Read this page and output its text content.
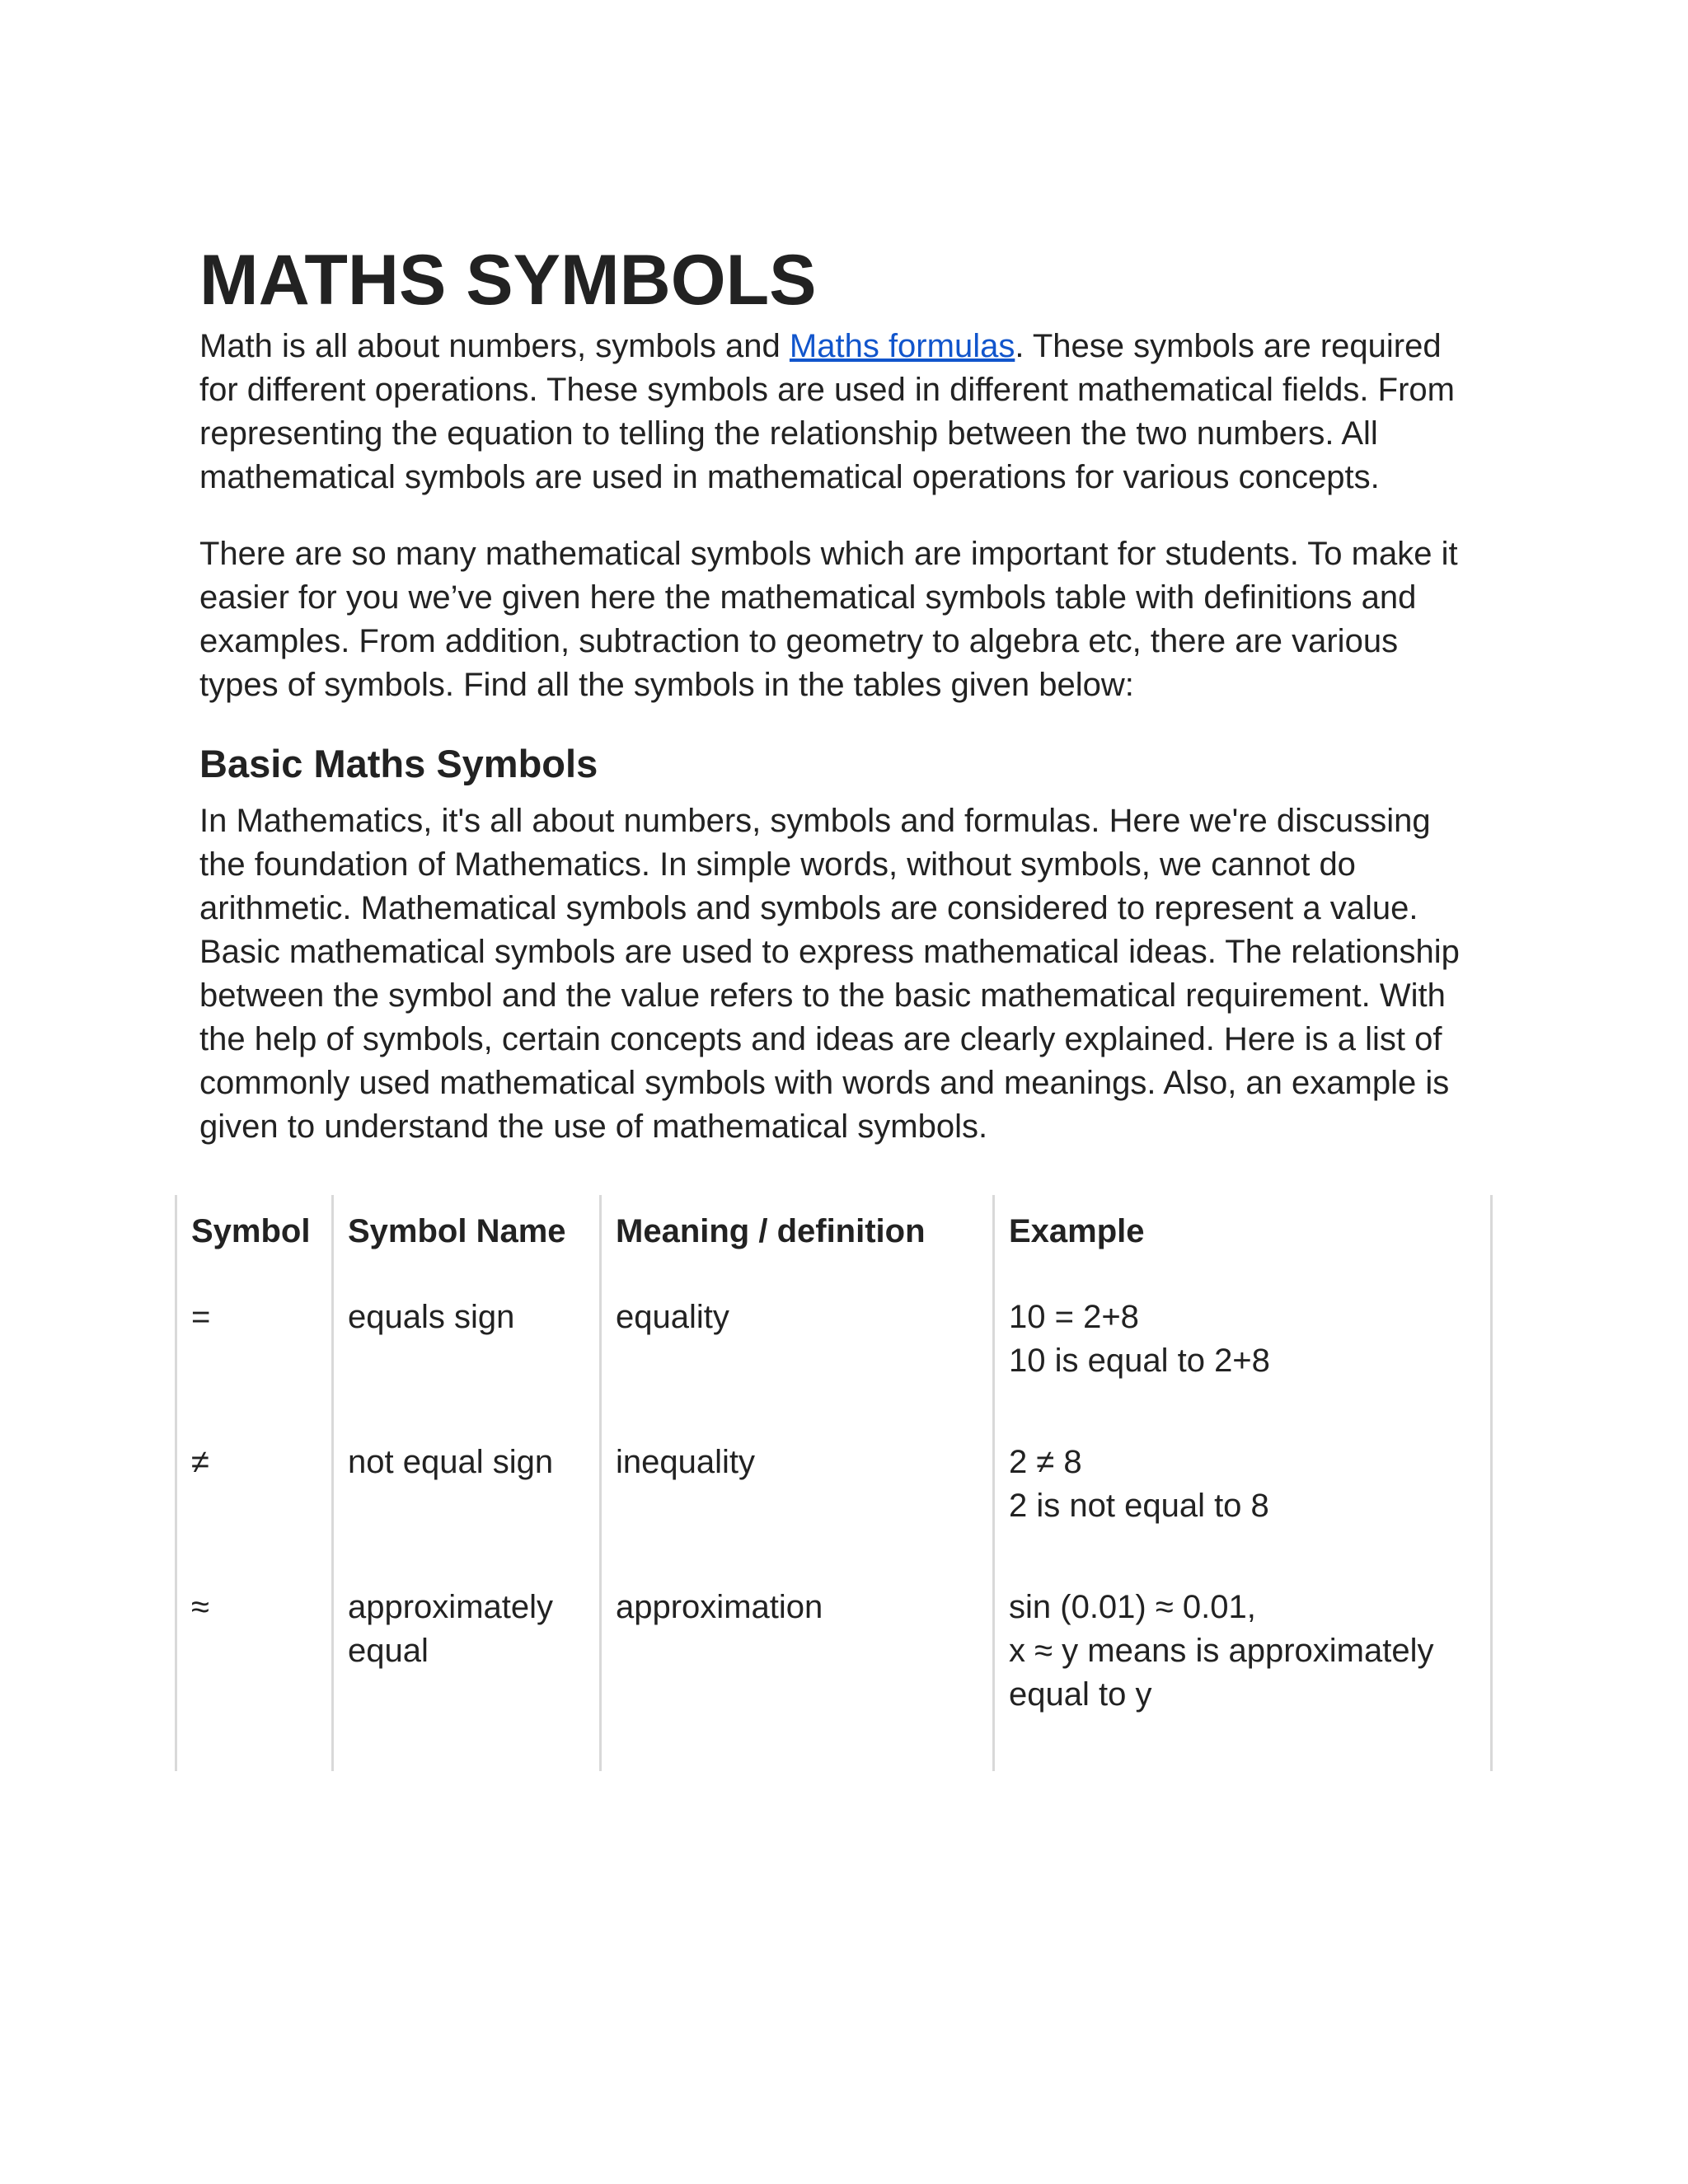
MATHS SYMBOLS

Math is all about numbers, symbols and Maths formulas. These symbols are required for different operations. These symbols are used in different mathematical fields. From representing the equation to telling the relationship between the two numbers. All mathematical symbols are used in mathematical operations for various concepts.

There are so many mathematical symbols which are important for students. To make it easier for you we’ve given here the mathematical symbols table with definitions and examples. From addition, subtraction to geometry to algebra etc, there are various types of symbols. Find all the symbols in the tables given below:

Basic Maths Symbols

In Mathematics, it's all about numbers, symbols and formulas. Here we're discussing the foundation of Mathematics. In simple words, without symbols, we cannot do arithmetic. Mathematical symbols and symbols are considered to represent a value. Basic mathematical symbols are used to express mathematical ideas. The relationship between the symbol and the value refers to the basic mathematical requirement. With the help of symbols, certain concepts and ideas are clearly explained. Here is a list of commonly used mathematical symbols with words and meanings. Also, an example is given to understand the use of mathematical symbols.

Symbol	Symbol Name	Meaning / definition	Example
=	equals sign	equality	10 = 2+8
10 is equal to 2+8

≠	not equal sign	inequality	2 ≠ 8
2 is not equal to 8

≈	approximately equal	approximation	sin (0.01) ≈ 0.01,
x ≈ y means is approximately equal to y
